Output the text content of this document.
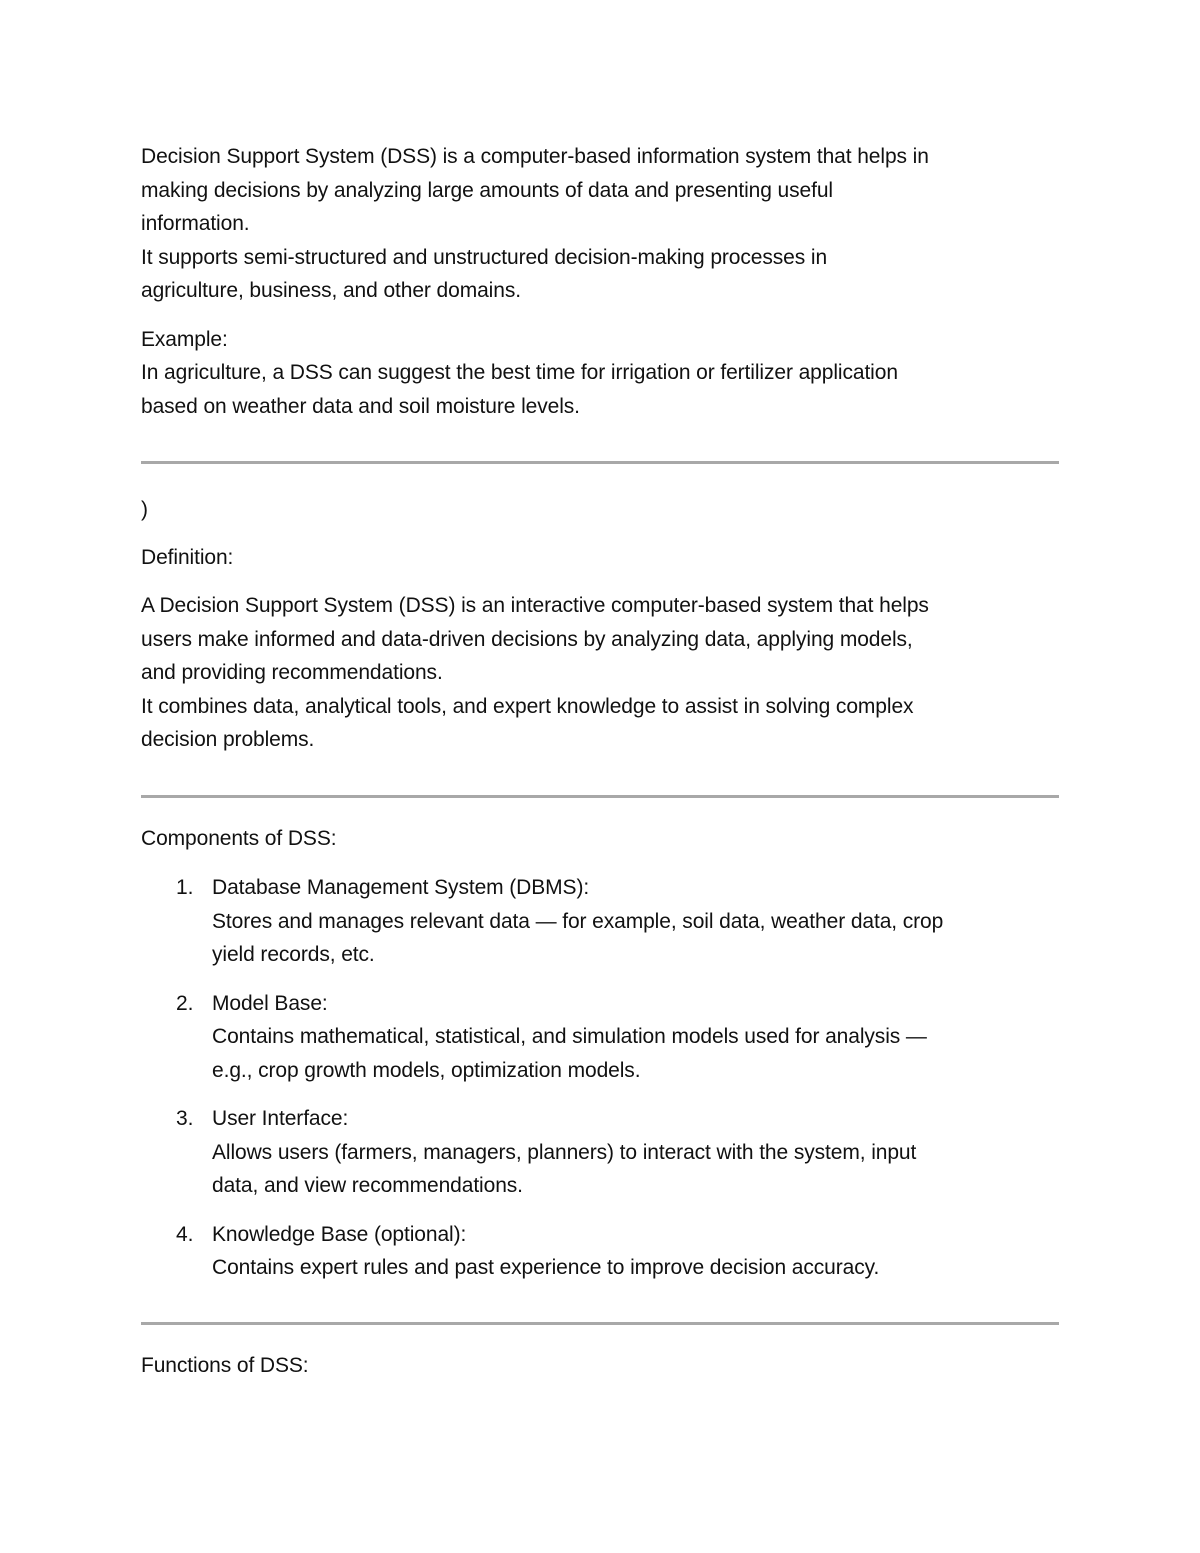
Decision Support System (DSS) is a computer-based information system that helps in

making decisions by analyzing large amounts of data and presenting useful

information.

It supports semi-structured and unstructured decision-making processes in

agriculture, business, and other domains.

Example:

In agriculture, a DSS can suggest the best time for irrigation or fertilizer application

based on weather data and soil moisture levels.

)

Definition:

A Decision Support System (DSS) is an interactive computer-based system that helps

users make informed and data-driven decisions by analyzing data, applying models,

and providing recommendations.

It combines data, analytical tools, and expert knowledge to assist in solving complex

decision problems.

Components of DSS:

1. Database Management System (DBMS):

Stores and manages relevant data — for example, soil data, weather data, crop

yield records, etc.

2. Model Base:

Contains mathematical, statistical, and simulation models used for analysis —

e.g., crop growth models, optimization models.

3. User Interface:

Allows users (farmers, managers, planners) to interact with the system, input

data, and view recommendations.

4. Knowledge Base (optional):

Contains expert rules and past experience to improve decision accuracy.

Functions of DSS:
